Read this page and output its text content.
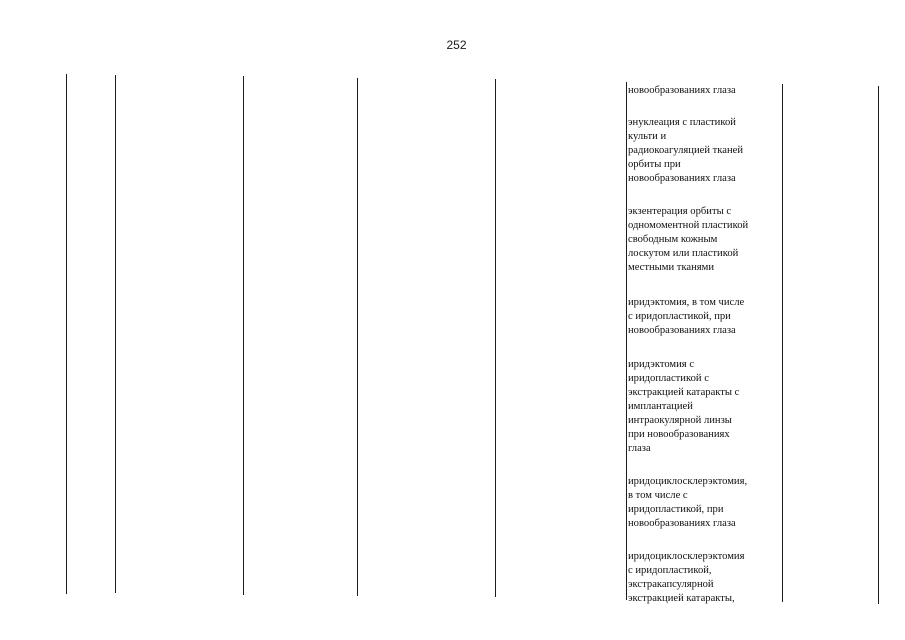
252

новообразованиях глаза

энуклеация с пластикой
культи и
радиокоагуляцией тканей
орбиты при
новообразованиях глаза

экзентерация орбиты с
одномоментной пластикой
свободным кожным
лоскутом или пластикой
местными тканями

иридэктомия, в том числе
с иридопластикой, при
новообразованиях глаза

иридэктомия с
иридопластикой с
экстракцией катаракты с
имплантацией
интраокулярной линзы
при новообразованиях
глаза

иридоциклосклерэктомия,
в том числе с
иридопластикой, при
новообразованиях глаза

иридоциклосклерэктомия
с иридопластикой,
экстракапсулярной
экстракцией катаракты,
